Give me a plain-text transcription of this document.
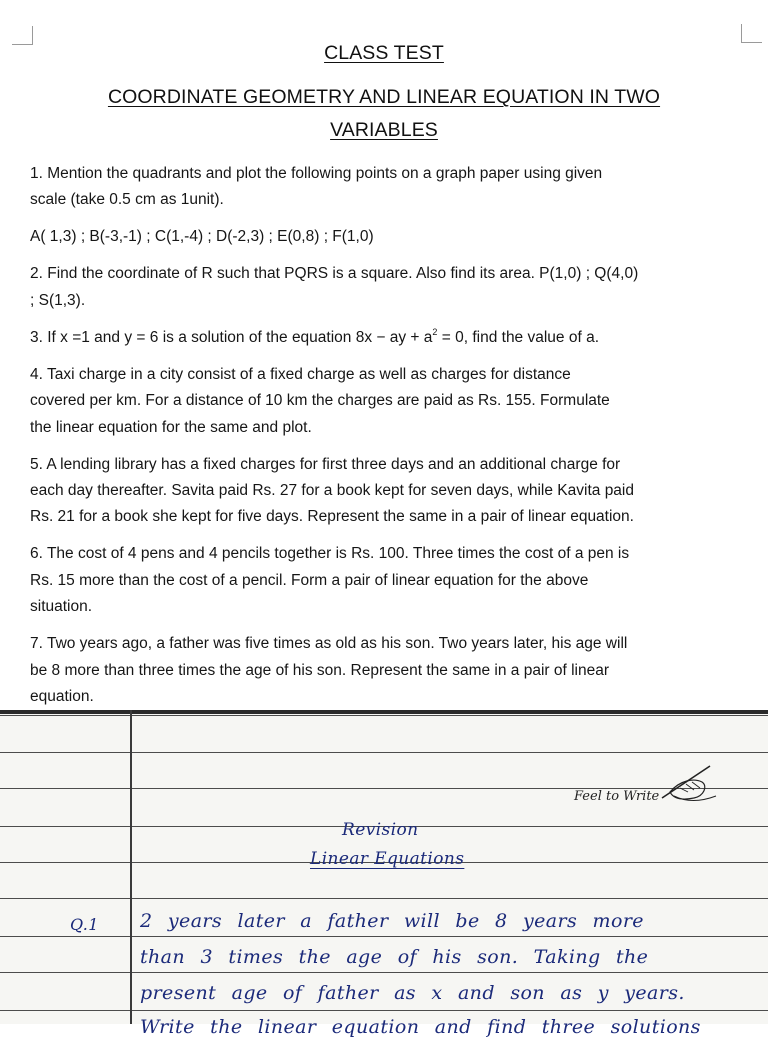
CLASS TEST
COORDINATE GEOMETRY AND LINEAR EQUATION IN TWO
VARIABLES
1. Mention the quadrants and plot the following points on a graph paper using given
scale (take 0.5 cm as 1unit).
A( 1,3) ; B(-3,-1) ; C(1,-4) ; D(-2,3) ; E(0,8) ; F(1,0)
2. Find the coordinate of R such that PQRS is a square. Also find its area. P(1,0) ; Q(4,0)
; S(1,3).
3. If x =1 and y = 6 is a solution of the equation 8x − ay + $a^2 = 0$, find the value of a.
4. Taxi charge in a city consist of a fixed charge as well as charges for distance
covered per km. For a distance of 10 km the charges are paid as Rs. 155. Formulate
the linear equation for the same and plot.
5. A lending library has a fixed charges for first three days and an additional charge for
each day thereafter. Savita paid Rs. 27 for a book kept for seven days, while Kavita paid
Rs. 21 for a book she kept for five days. Represent the same in a pair of linear equation.
6. The cost of 4 pens and 4 pencils together is Rs. 100. Three times the cost of a pen is
Rs. 15 more than the cost of a pencil. Form a pair of linear equation for the above
situation.
7. Two years ago, a father was five times as old as his son. Two years later, his age will
be 8 more than three times the age of his son. Represent the same in a pair of linear
equation.
Feel to Write
Revision
Linear Equations
Q.1 2 years later a father will be 8 years more
than 3 times the age of his son. Taking the
present age of father as x and son as y years.
Write the linear equation and find three solutions
